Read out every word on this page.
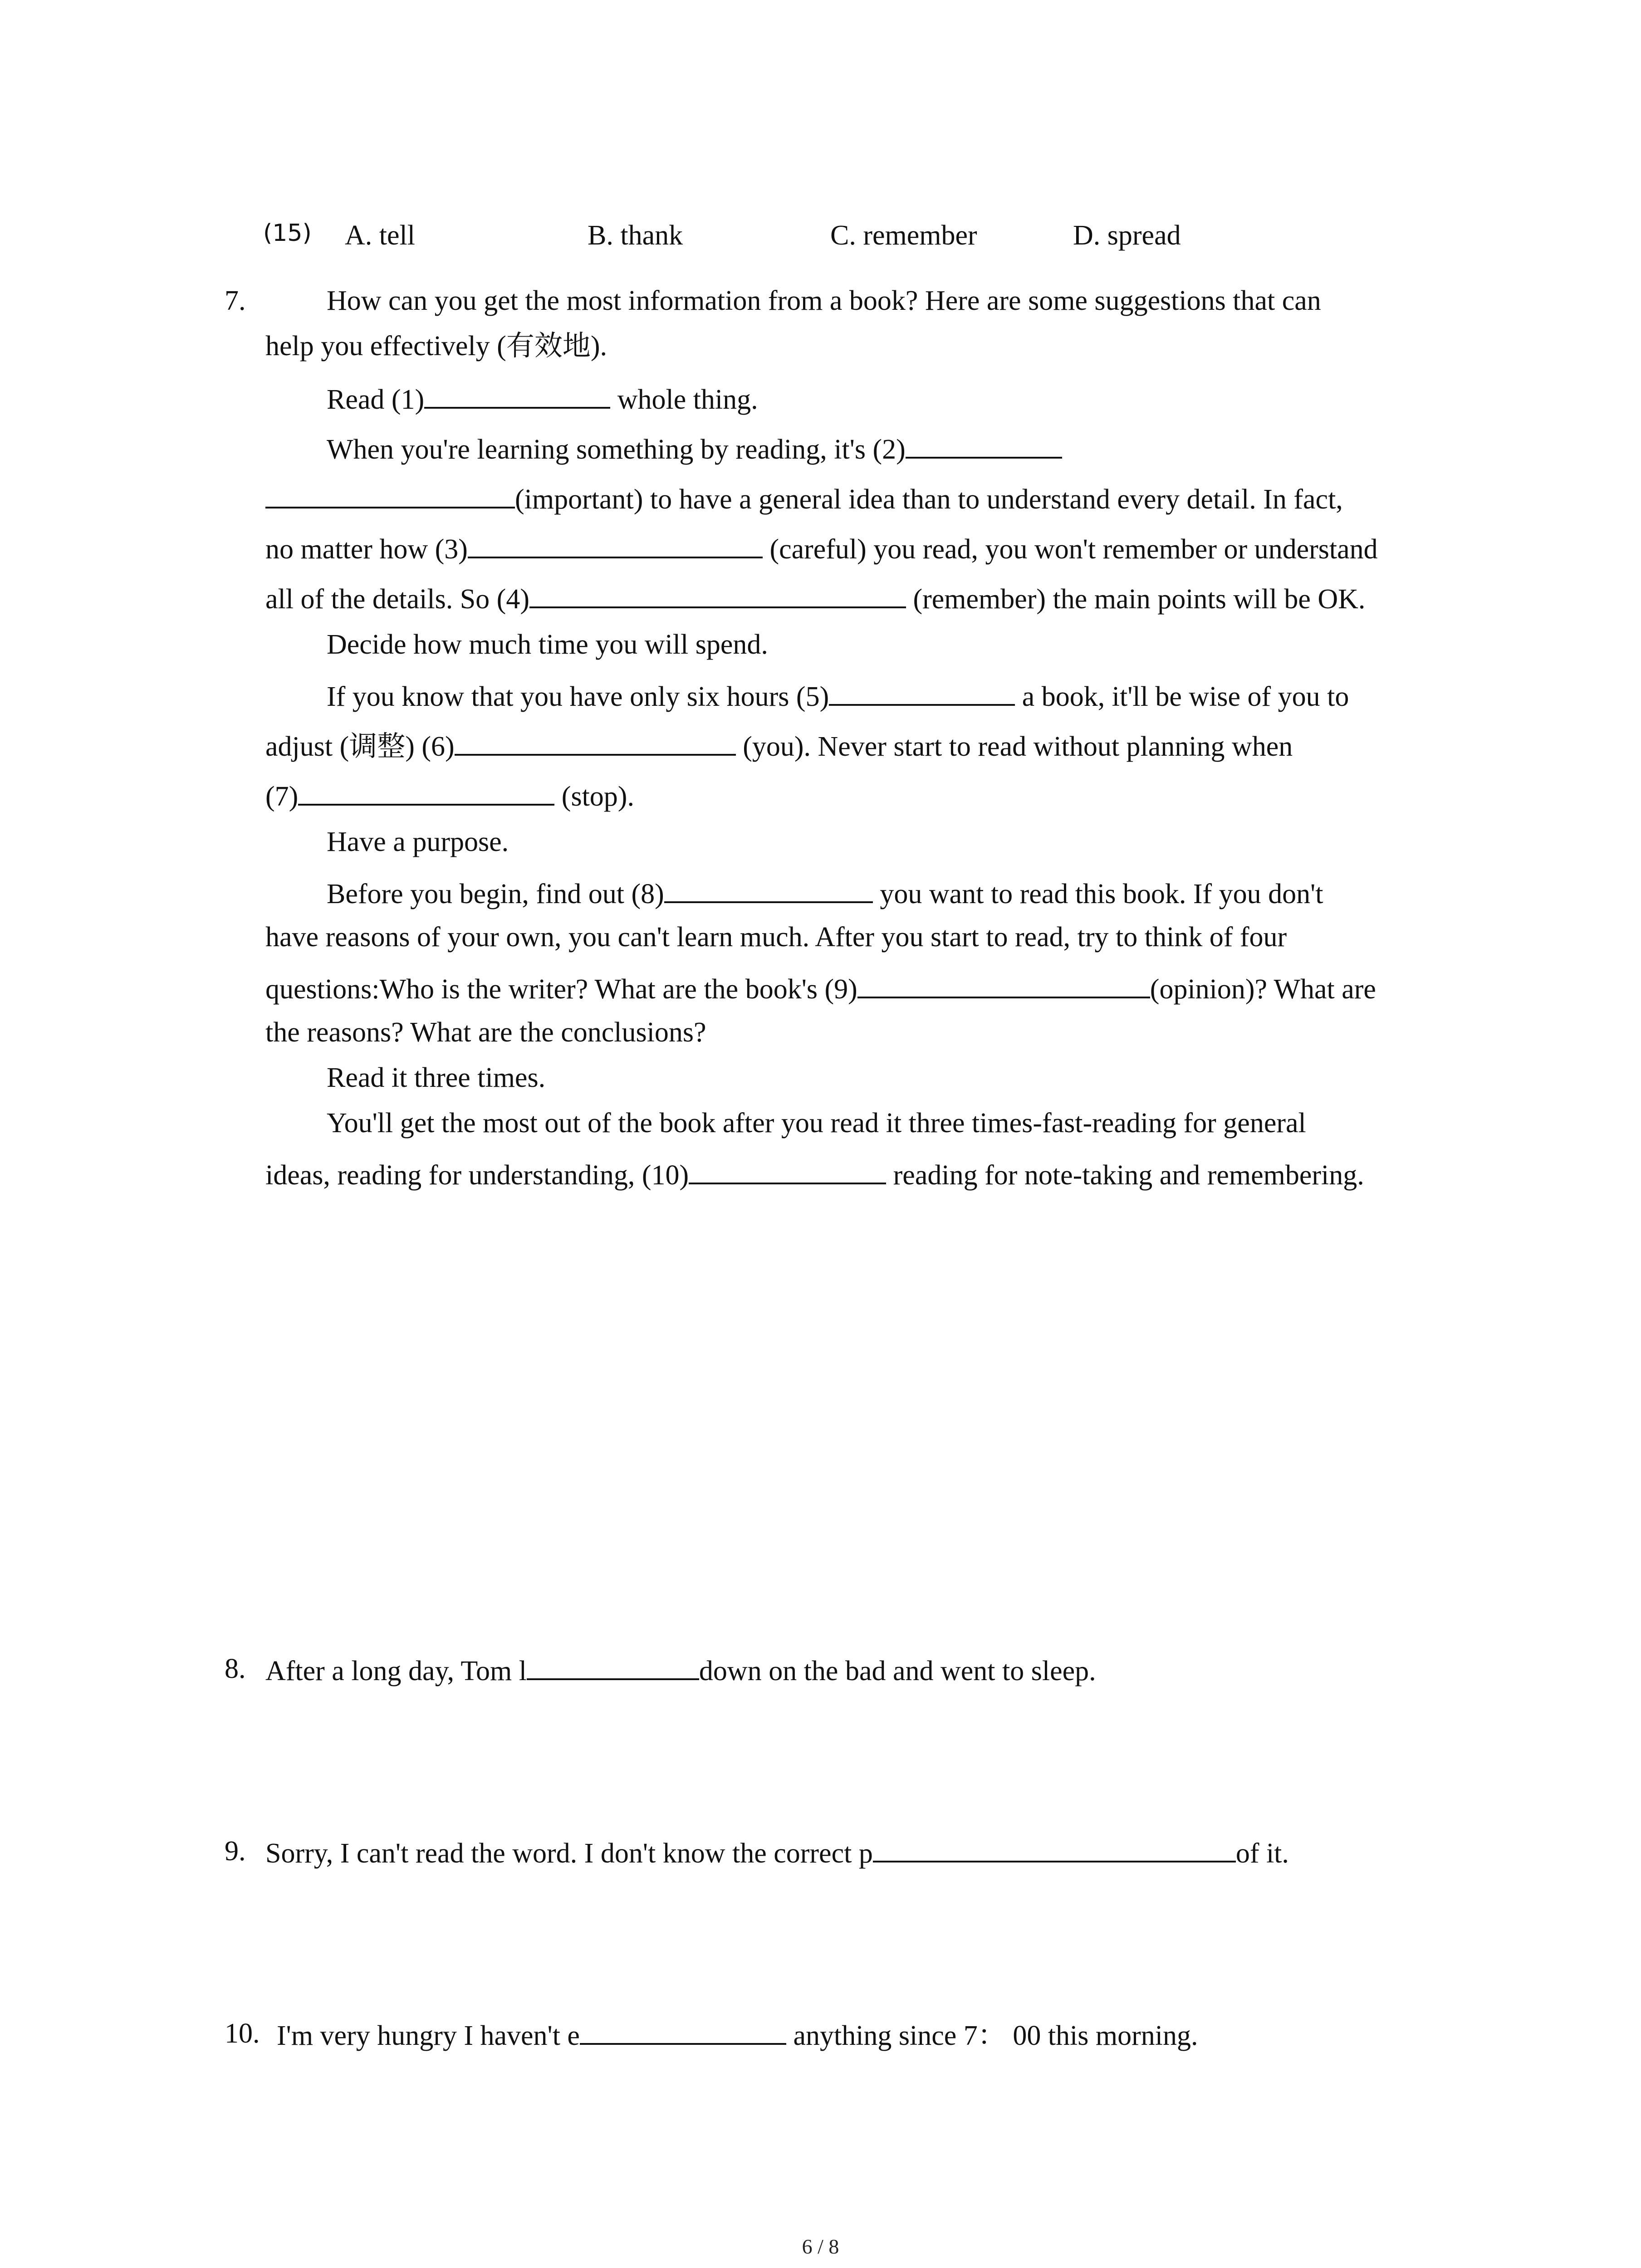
(15) A. tell	B. thank	C. remember	D. spread
7.	How can you get the most information from a book? Here are some suggestions that can
help you effectively (有效地).
Read (1)	whole thing.
When you're learning something by reading, it's (2)
(important) to have a general idea than to understand every detail. In fact,
no matter how (3)	(careful) you read, you won't remember or understand
all of the details. So (4)	(remember) the main points will be OK.
Decide how much time you will spend.
If you know that you have only six hours (5)	a book, it'll be wise of you to
adjust (调整) (6)	(you). Never start to read without planning when
(7)	(stop).
Have a purpose.
Before you begin, find out (8)	you want to read this book. If you don't
have reasons of your own, you can't learn much. After you start to read, try to think of four
questions:Who is the writer? What are the book's (9)	(opinion)? What are
the reasons? What are the conclusions?
Read it three times.
You'll get the most out of the book after you read it three times-fast-reading for general
ideas, reading for understanding, (10)	reading for note-taking and remembering.
8. After a long day, Tom l	down on the bad and went to sleep.
9. Sorry, I can't read the word. I don't know the correct p	of it.
10. I'm very hungry I haven't e	anything since 7： 00 this morning.
6 / 8
